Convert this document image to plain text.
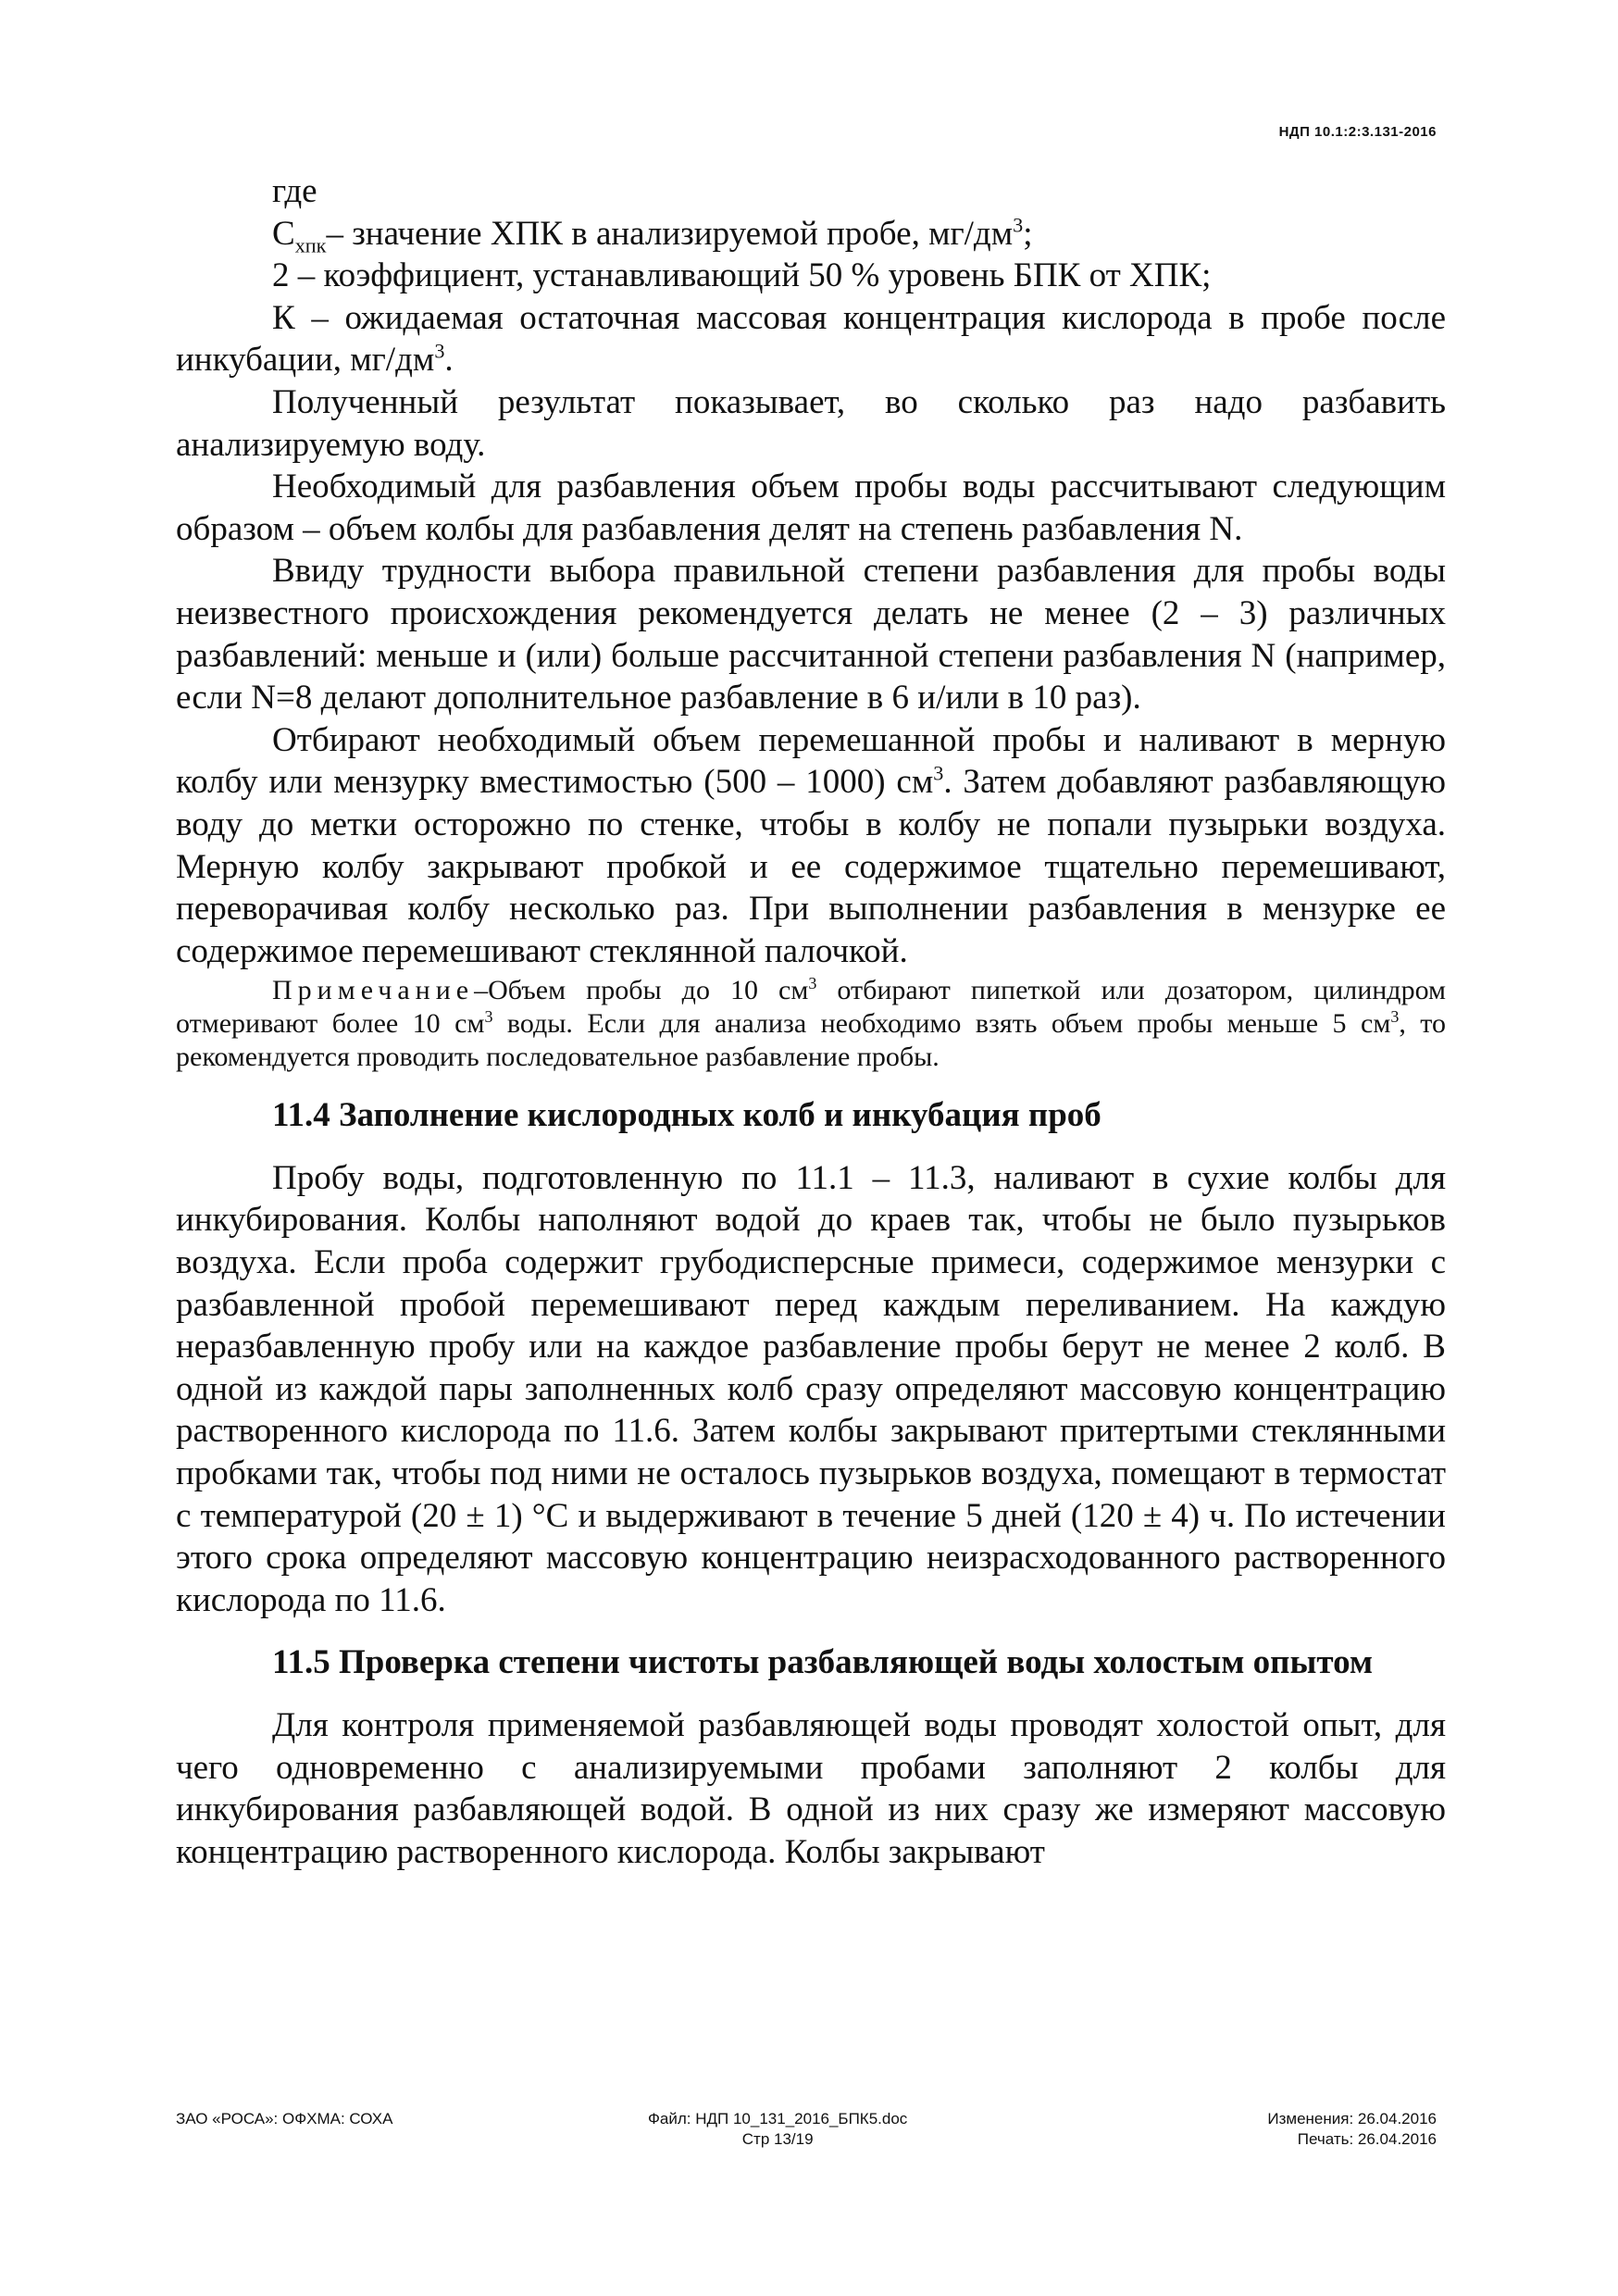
НДП 10.1:2:3.131-2016

где

$С_{хпк}-$ значение ХПК в анализируемой пробе, $мг/дм^3$;

2 – коэффициент, устанавливающий 50 % уровень БПК от ХПК;

К – ожидаемая остаточная массовая концентрация кислорода в пробе после инкубации, $мг/дм^3$.

Полученный результат показывает, во сколько раз надо разбавить анализируемую воду.

Необходимый для разбавления объем пробы воды рассчитывают следующим образом – объем колбы для разбавления делят на степень разбавления N.

Ввиду трудности выбора правильной степени разбавления для пробы воды неизвестного происхождения рекомендуется делать не менее (2 – 3) различных разбавлений: меньше и (или) больше рассчитанной степени разбавления N (например, если N=8 делают дополнительное разбавление в 6 и/или в 10 раз).

Отбирают необходимый объем перемешанной пробы и наливают в мерную колбу или мензурку вместимостью (500 – 1000) $см^3$. Затем добавляют разбавляющую воду до метки осторожно по стенке, чтобы в колбу не попали пузырьки воздуха. Мерную колбу закрывают пробкой и ее содержимое тщательно перемешивают, переворачивая колбу несколько раз. При выполнении разбавления в мензурке ее содержимое перемешивают стеклянной палочкой.

Примечание–Объем пробы до 10 $см^3$ отбирают пипеткой или дозатором, цилиндром отмеривают более 10 $см^3$ воды. Если для анализа необходимо взять объем пробы меньше 5 $см^3$, то рекомендуется проводить последовательное разбавление пробы.

11.4 Заполнение кислородных колб и инкубация проб

Пробу воды, подготовленную по 11.1 – 11.3, наливают в сухие колбы для инкубирования. Колбы наполняют водой до краев так, чтобы не было пузырьков воздуха. Если проба содержит грубодисперсные примеси, содержимое мензурки с разбавленной пробой перемешивают перед каждым переливанием. На каждую неразбавленную пробу или на каждое разбавление пробы берут не менее 2 колб. В одной из каждой пары заполненных колб сразу определяют массовую концентрацию растворенного кислорода по 11.6. Затем колбы закрывают притертыми стеклянными пробками так, чтобы под ними не осталось пузырьков воздуха, помещают в термостат с температурой (20 ± 1) °С и выдерживают в течение 5 дней (120 ± 4) ч. По истечении этого срока определяют массовую концентрацию неизрасходованного растворенного кислорода по 11.6.

11.5 Проверка степени чистоты разбавляющей воды холостым опытом

Для контроля применяемой разбавляющей воды проводят холостой опыт, для чего одновременно с анализируемыми пробами заполняют 2 колбы для инкубирования разбавляющей водой. В одной из них сразу же измеряют массовую концентрацию растворенного кислорода. Колбы закрывают

ЗАО «РОСА»: ОФХМА: СОХА	Файл: НДП 10_131_2016_БПК5.doc
Стр 13/19
Изменения: 26.04.2016
Печать: 26.04.2016
